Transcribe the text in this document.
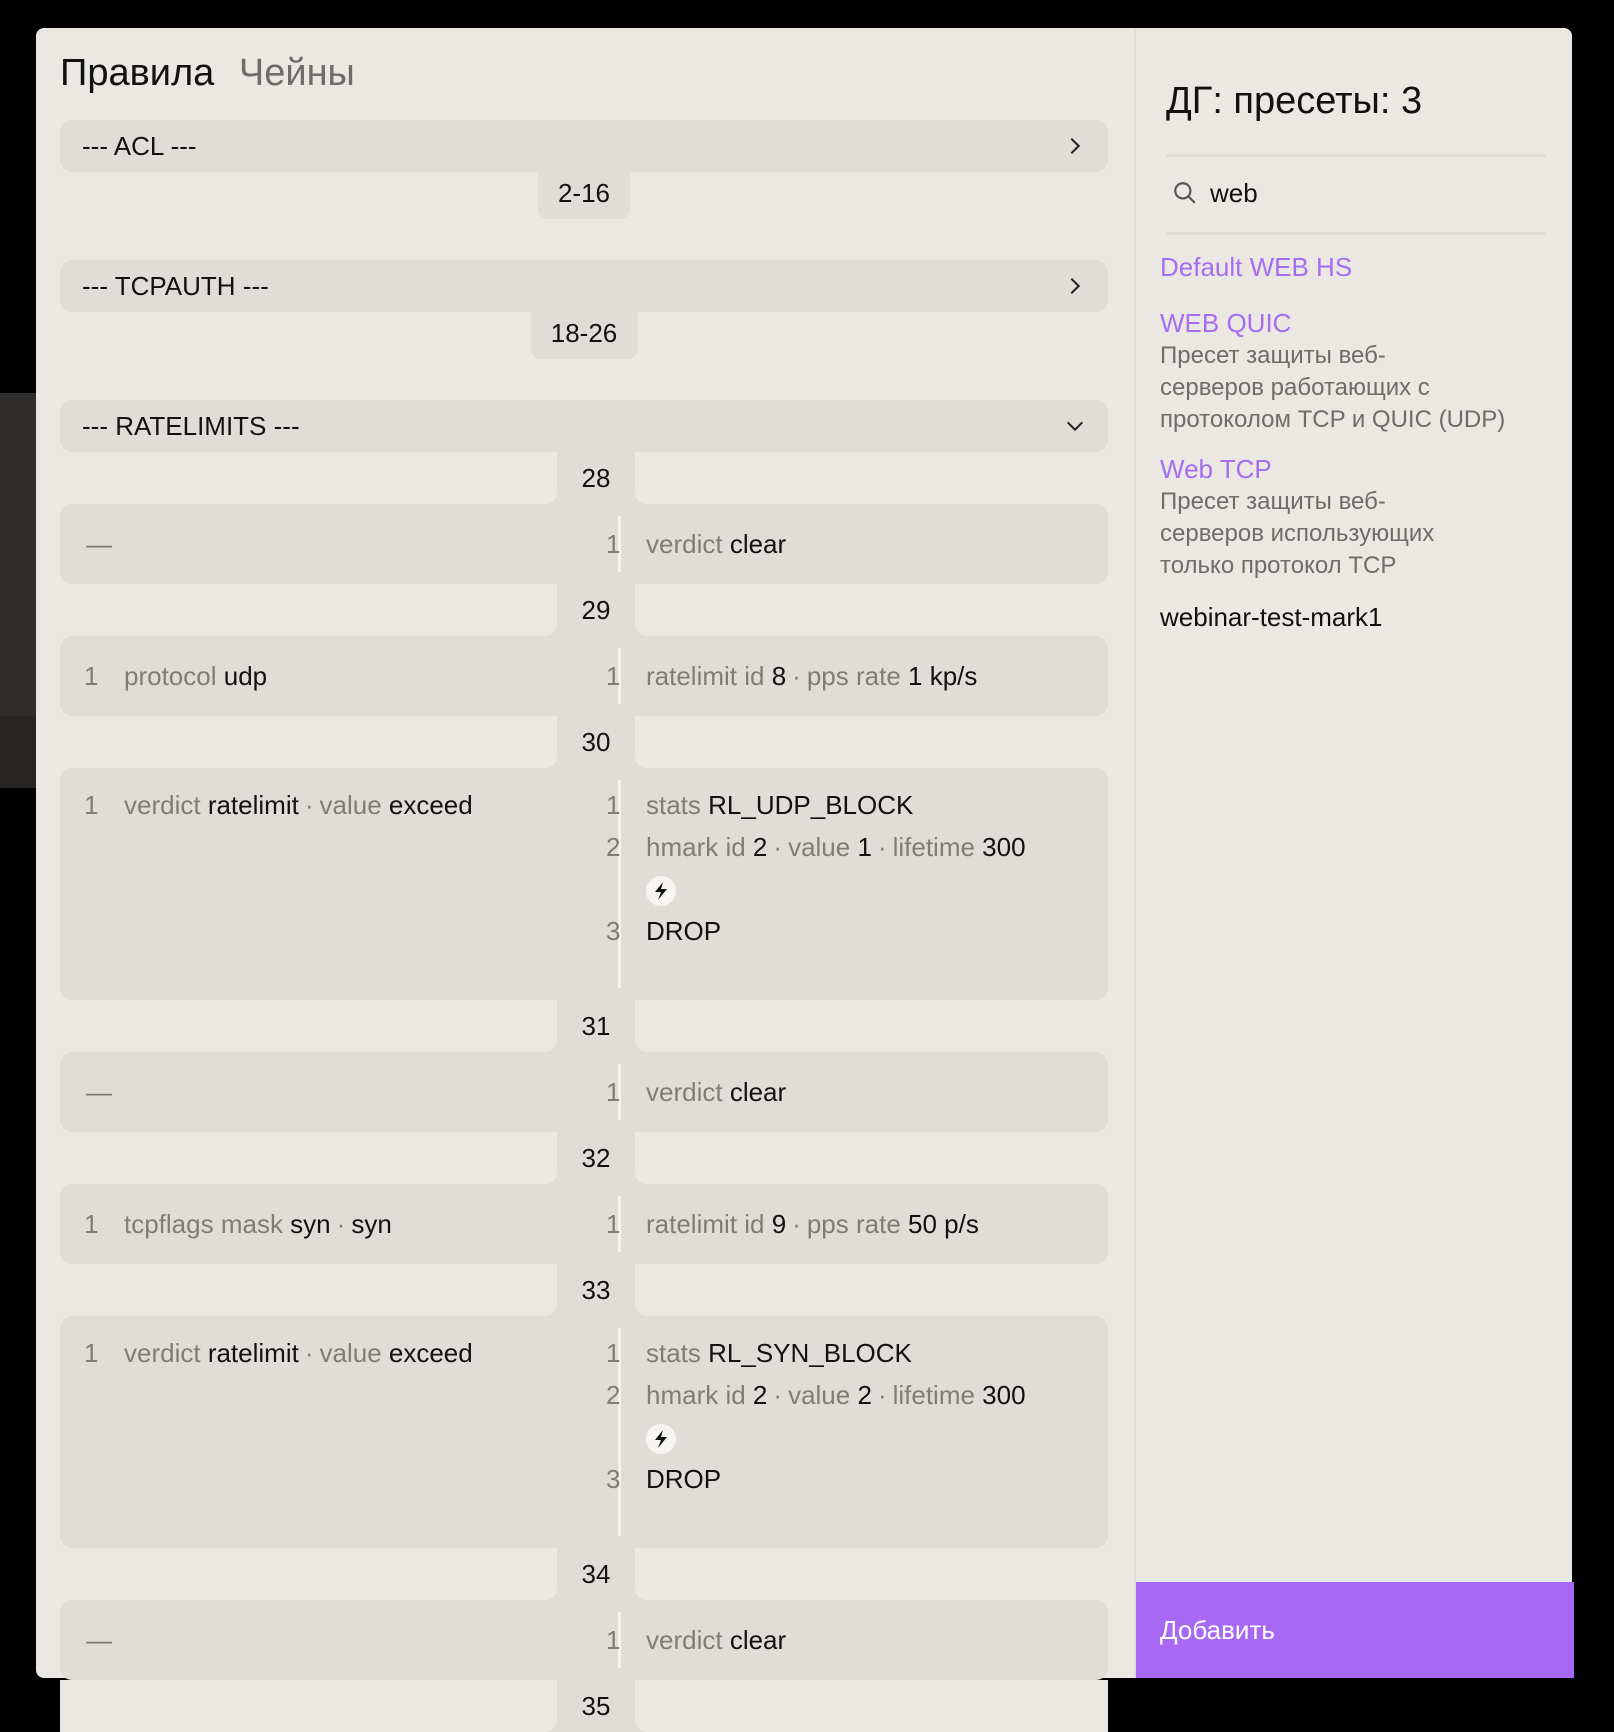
Правила Чейны
--- ACL ---
2-16
--- TCPAUTH ---
18-26
--- RATELIMITS ---
28
—	1 verdict clear
29
1 protocol udp	1 ratelimit id 8 · pps rate 1 kp/s
30
1 verdict ratelimit · value exceed	1 stats RL_UDP_BLOCK
2 hmark id 2 · value 1 · lifetime 300
3 DROP
31
—	1 verdict clear
32
1 tcpflags mask syn · syn	1 ratelimit id 9 · pps rate 50 p/s
33
1 verdict ratelimit · value exceed	1 stats RL_SYN_BLOCK
2 hmark id 2 · value 2 · lifetime 300
3 DROP
34
—	1 verdict clear
35
ДГ: пресеты: 3
web
Default WEB HS
WEB QUIC
Пресет защиты веб-
серверов работающих с
протоколом TCP и QUIC (UDP)
Web TCP
Пресет защиты веб-
серверов использующих
только протокол TCP
webinar-test-mark1
Добавить
